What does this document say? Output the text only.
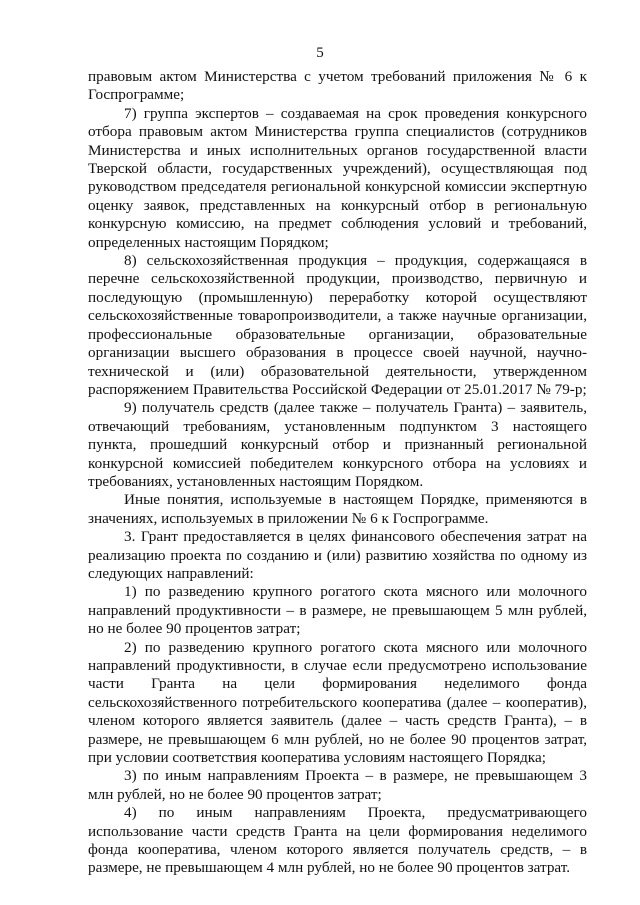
5

правовым актом Министерства с учетом требований приложения № 6 к Госпрограмме;

7) группа экспертов – создаваемая на срок проведения конкурсного отбора правовым актом Министерства группа специалистов (сотрудников Министерства и иных исполнительных органов государственной власти Тверской области, государственных учреждений), осуществляющая под руководством председателя региональной конкурсной комиссии экспертную оценку заявок, представленных на конкурсный отбор в региональную конкурсную комиссию, на предмет соблюдения условий и требований, определенных настоящим Порядком;

8) сельскохозяйственная продукция – продукция, содержащаяся в перечне сельскохозяйственной продукции, производство, первичную и последующую (промышленную) переработку которой осуществляют сельскохозяйственные товаропроизводители, а также научные организации, профессиональные образовательные организации, образовательные организации высшего образования в процессе своей научной, научно-технической и (или) образовательной деятельности, утвержденном распоряжением Правительства Российской Федерации от 25.01.2017 № 79-р;

9) получатель средств (далее также – получатель Гранта) – заявитель, отвечающий требованиям, установленным подпунктом 3 настоящего пункта, прошедший конкурсный отбор и признанный региональной конкурсной комиссией победителем конкурсного отбора на условиях и требованиях, установленных настоящим Порядком.

Иные понятия, используемые в настоящем Порядке, применяются в значениях, используемых в приложении № 6 к Госпрограмме.

3. Грант предоставляется в целях финансового обеспечения затрат на реализацию проекта по созданию и (или) развитию хозяйства по одному из следующих направлений:

1) по разведению крупного рогатого скота мясного или молочного направлений продуктивности – в размере, не превышающем 5 млн рублей, но не более 90 процентов затрат;

2) по разведению крупного рогатого скота мясного или молочного направлений продуктивности, в случае если предусмотрено использование части Гранта на цели формирования неделимого фонда сельскохозяйственного потребительского кооператива (далее – кооператив), членом которого является заявитель (далее – часть средств Гранта), – в размере, не превышающем 6 млн рублей, но не более 90 процентов затрат, при условии соответствия кооператива условиям настоящего Порядка;

3) по иным направлениям Проекта – в размере, не превышающем 3 млн рублей, но не более 90 процентов затрат;

4) по иным направлениям Проекта, предусматривающего использование части средств Гранта на цели формирования неделимого фонда кооператива, членом которого является получатель средств, – в размере, не превышающем 4 млн рублей, но не более 90 процентов затрат.
